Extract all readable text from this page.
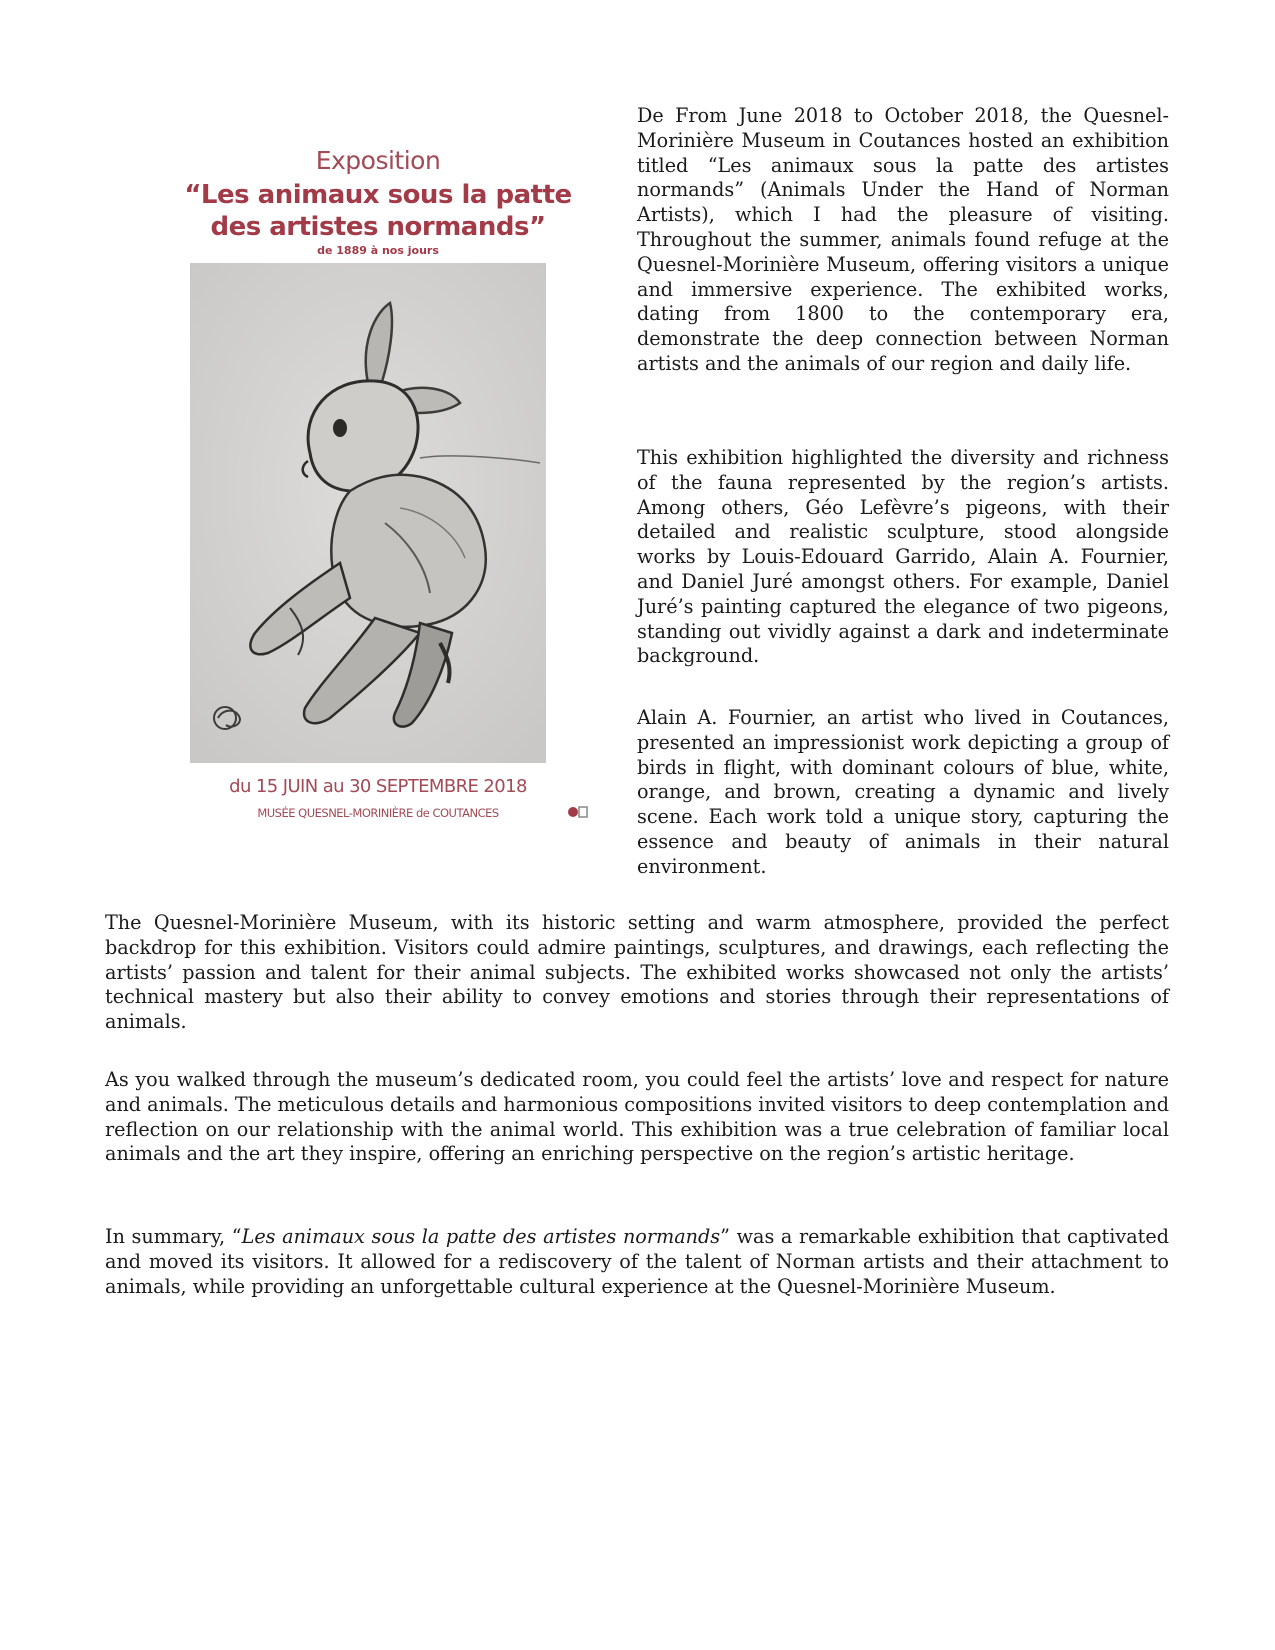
Exposition
“Les animaux sous la patte
des artistes normands”
de 1889 à nos jours
du 15 JUIN au 30 SEPTEMBRE 2018
MUSÉE QUESNEL-MORINIÈRE de COUTANCES

De From June 2018 to October 2018, the Quesnel-Morinière Museum in Coutances hosted an exhibition titled “Les animaux sous la patte des artistes normands” (Animals Under the Hand of Norman Artists), which I had the pleasure of visiting. Throughout the summer, animals found refuge at the Quesnel-Morinière Museum, offering visitors a unique and immersive experience. The exhibited works, dating from 1800 to the contemporary era, demonstrate the deep connection between Norman artists and the animals of our region and daily life.

This exhibition highlighted the diversity and richness of the fauna represented by the region’s artists. Among others, Géo Lefèvre’s pigeons, with their detailed and realistic sculpture, stood alongside works by Louis-Edouard Garrido, Alain A. Fournier, and Daniel Juré amongst others. For example, Daniel Juré’s painting captured the elegance of two pigeons, standing out vividly against a dark and indeterminate background.

Alain A. Fournier, an artist who lived in Coutances, presented an impressionist work depicting a group of birds in flight, with dominant colours of blue, white, orange, and brown, creating a dynamic and lively scene. Each work told a unique story, capturing the essence and beauty of animals in their natural environment.

The Quesnel-Morinière Museum, with its historic setting and warm atmosphere, provided the perfect backdrop for this exhibition. Visitors could admire paintings, sculptures, and drawings, each reflecting the artists’ passion and talent for their animal subjects. The exhibited works showcased not only the artists’ technical mastery but also their ability to convey emotions and stories through their representations of animals.

As you walked through the museum’s dedicated room, you could feel the artists’ love and respect for nature and animals. The meticulous details and harmonious compositions invited visitors to deep contemplation and reflection on our relationship with the animal world. This exhibition was a true celebration of familiar local animals and the art they inspire, offering an enriching perspective on the region’s artistic heritage.

In summary, “Les animaux sous la patte des artistes normands” was a remarkable exhibition that captivated and moved its visitors. It allowed for a rediscovery of the talent of Norman artists and their attachment to animals, while providing an unforgettable cultural experience at the Quesnel-Morinière Museum.
